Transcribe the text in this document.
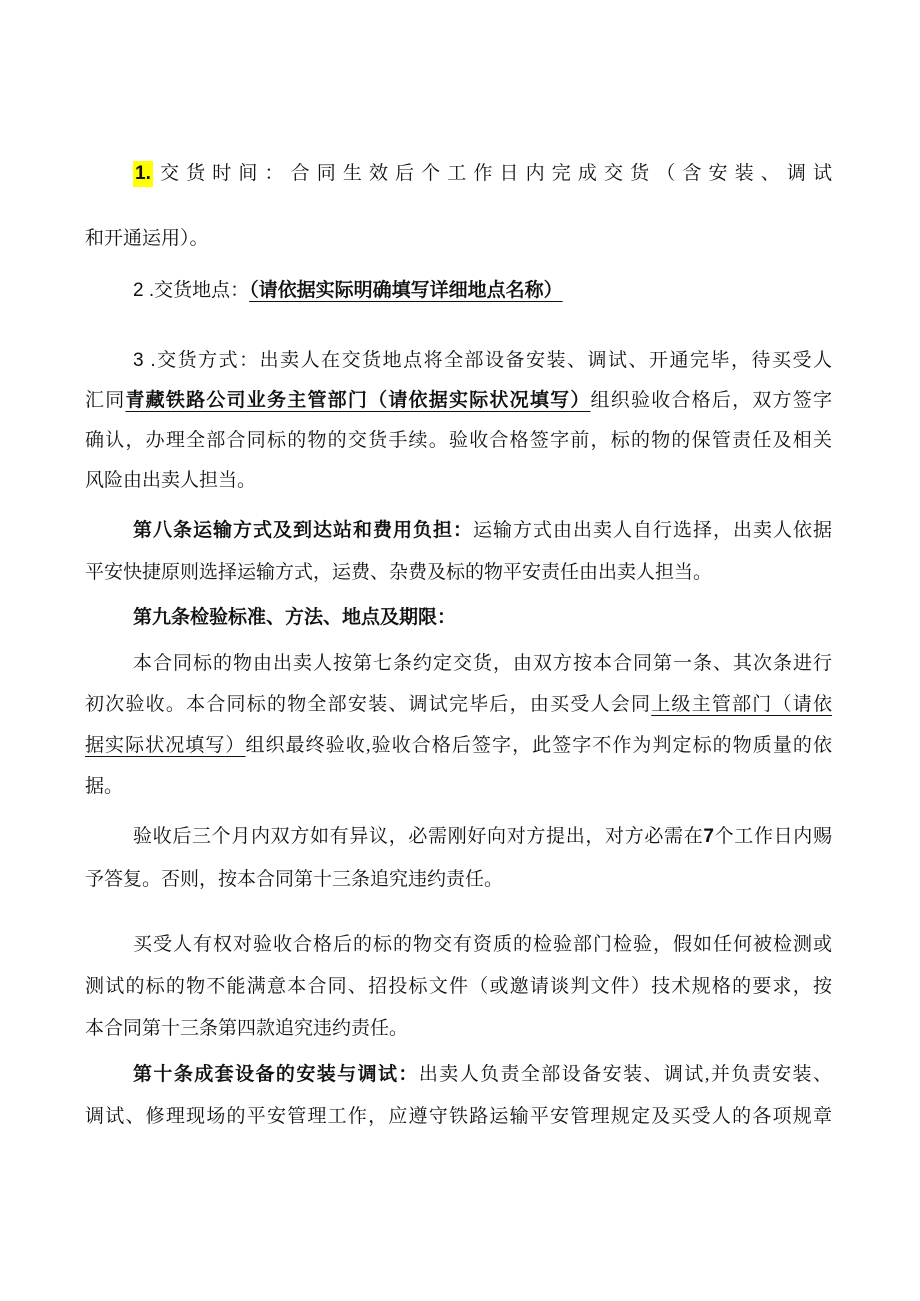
1. 交货时间：合同生效后个工作日内完成交货（含安装、调试
和开通运用）。
2 .交货地点：（请依据实际明确填写详细地点名称）
3 .交货方式：出卖人在交货地点将全部设备安装、调试、开通完毕，待买受人
汇同青藏铁路公司业务主管部门（请依据实际状况填写）组织验收合格后，双方签字
确认，办理全部合同标的物的交货手续。验收合格签字前，标的物的保管责任及相关
风险由出卖人担当。
第八条运输方式及到达站和费用负担：运输方式由出卖人自行选择，出卖人依据
平安快捷原则选择运输方式，运费、杂费及标的物平安责任由出卖人担当。
第九条检验标准、方法、地点及期限：
本合同标的物由出卖人按第七条约定交货，由双方按本合同第一条、其次条进行
初次验收。本合同标的物全部安装、调试完毕后，由买受人会同上级主管部门（请依
据实际状况填写）组织最终验收,验收合格后签字，此签字不作为判定标的物质量的依
据。
验收后三个月内双方如有异议，必需刚好向对方提出，对方必需在7个工作日内赐
予答复。否则，按本合同第十三条追究违约责任。
买受人有权对验收合格后的标的物交有资质的检验部门检验，假如任何被检测或
测试的标的物不能满意本合同、招投标文件（或邀请谈判文件）技术规格的要求，按
本合同第十三条第四款追究违约责任。
第十条成套设备的安装与调试：出卖人负责全部设备安装、调试,并负责安装、
调试、修理现场的平安管理工作，应遵守铁路运输平安管理规定及买受人的各项规章
